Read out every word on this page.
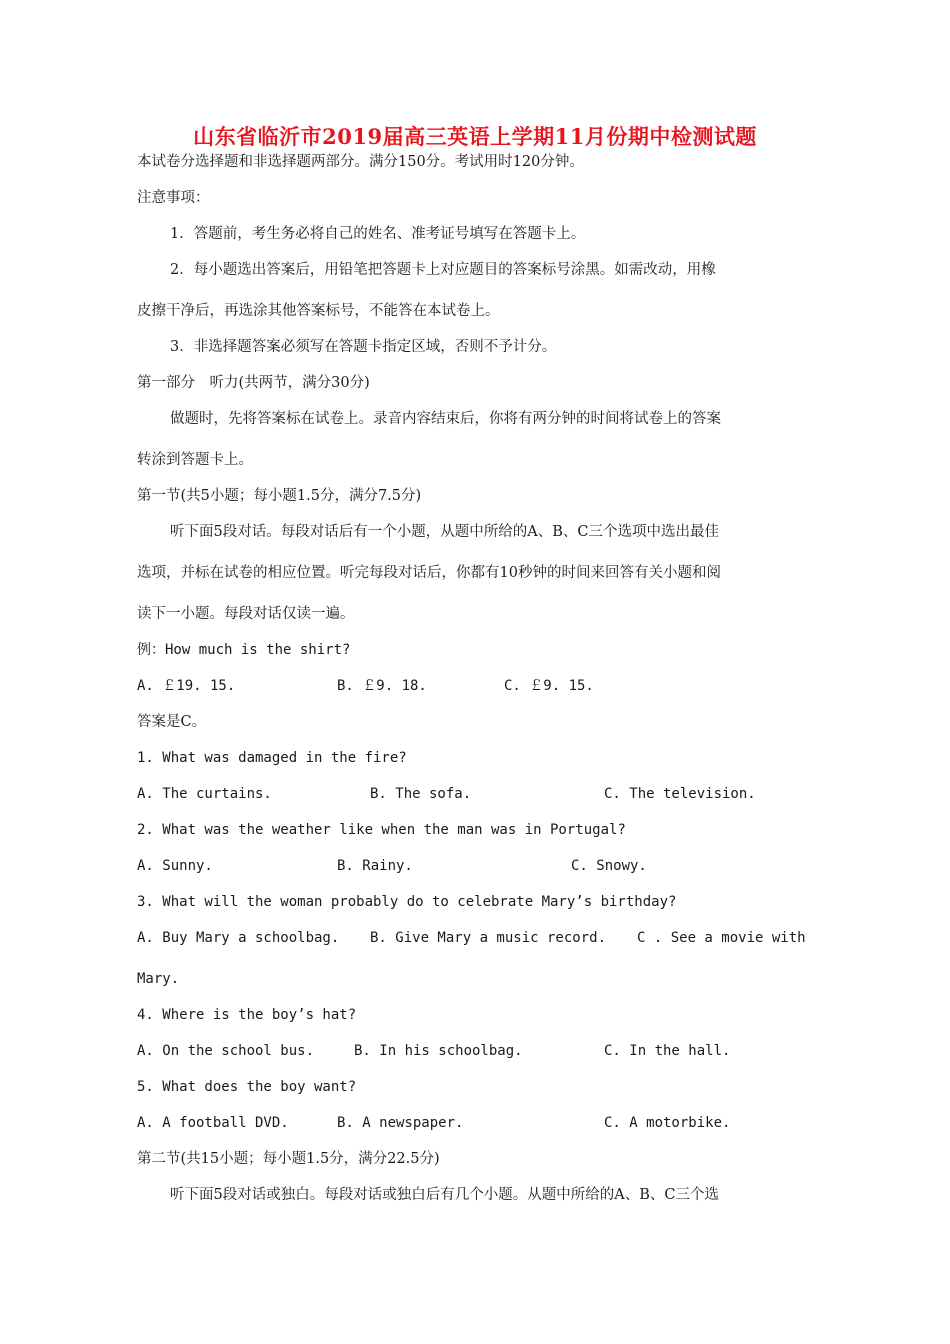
山东省临沂市2019届高三英语上学期11月份期中检测试题
本试卷分选择题和非选择题两部分。满分150分。考试用时120分钟。
注意事项：
1．答题前，考生务必将自己的姓名、准考证号填写在答题卡上。
2．每小题选出答案后，用铅笔把答题卡上对应题目的答案标号涂黑。如需改动，用橡
皮擦干净后，再选涂其他答案标号，不能答在本试卷上。
3．非选择题答案必须写在答题卡指定区域，否则不予计分。
第一部分　听力(共两节，满分30分)
做题时，先将答案标在试卷上。录音内容结束后，你将有两分钟的时间将试卷上的答案
转涂到答题卡上。
第一节(共5小题；每小题1.5分，满分7.5分)
听下面5段对话。每段对话后有一个小题，从题中所给的A、B、C三个选项中选出最佳
选项，并标在试卷的相应位置。听完每段对话后，你都有10秒钟的时间来回答有关小题和阅
读下一小题。每段对话仅读一遍。
例：How much is the shirt?
A. ￡19. 15.	B. ￡9. 18.	C. ￡9. 15.
答案是C。
1. What was damaged in the fire?
A. The curtains.	B. The sofa.	C. The television.
2. What was the weather like when the man was in Portugal?
A. Sunny.	B. Rainy.	C. Snowy.
3. What will the woman probably do to celebrate Mary’s birthday?
A. Buy Mary a schoolbag. B. Give Mary a music record. C . See a movie with
Mary.
4. Where is the boy’s hat?
A. On the school bus.	B. In his schoolbag.	C. In the hall.
5. What does the boy want?
A. A football DVD.	B. A newspaper.	C. A motorbike.
第二节(共15小题；每小题1.5分，满分22.5分)
听下面5段对话或独白。每段对话或独白后有几个小题。从题中所给的A、B、C三个选
